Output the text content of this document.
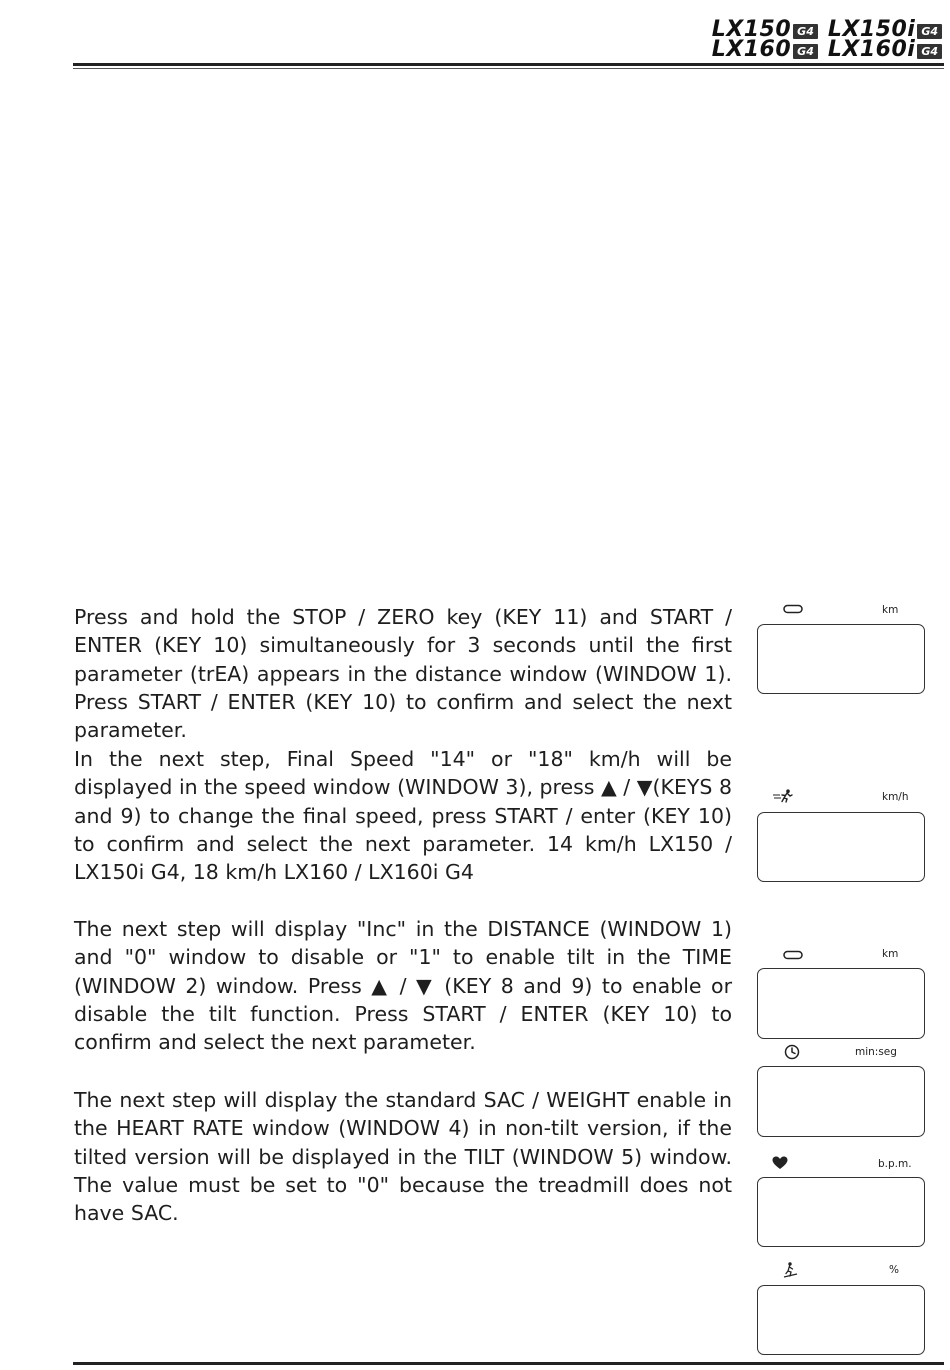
LX150 G4 LX150i G4
LX160 G4 LX160i G4

Press and hold the STOP / ZERO key (KEY 11) and START / ENTER (KEY 10) simultaneously for 3 seconds until the first parameter (trEA) appears in the distance window (WINDOW 1). Press START / ENTER (KEY 10) to confirm and select the next parameter.

In the next step, Final Speed "14" or "18" km/h will be displayed in the speed window (WINDOW 3), press ▲ / ▼(KEYS 8 and 9) to change the final speed, press START / enter (KEY 10) to confirm and select the next parameter. 14 km/h LX150 / LX150i G4, 18 km/h LX160 / LX160i G4

The next step will display "Inc" in the DISTANCE (WINDOW 1) and "0" window to disable or "1" to enable tilt in the TIME (WINDOW 2) window. Press ▲ / ▼ (KEY 8 and 9) to enable or disable the tilt function. Press START / ENTER (KEY 10) to confirm and select the next parameter.

The next step will display the standard SAC / WEIGHT enable in the HEART RATE window (WINDOW 4) in non-tilt version, if the tilted version will be displayed in the TILT (WINDOW 5) window. The value must be set to "0" because the treadmill does not have SAC.

km
km/h
km
min:seg
b.p.m.
%
